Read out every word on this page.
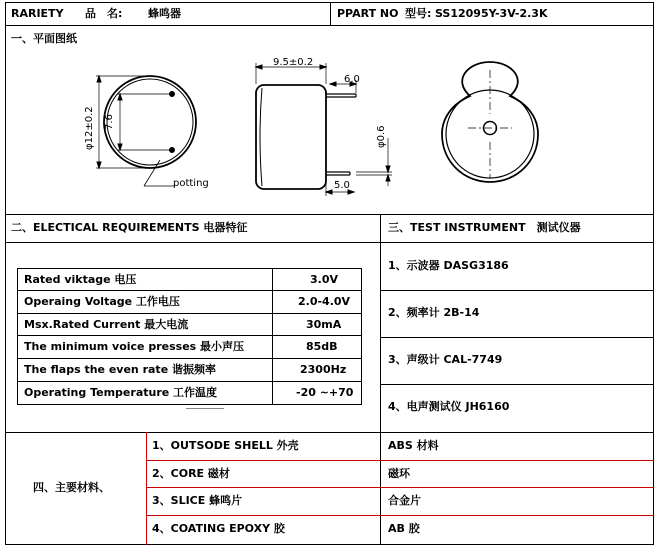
RARIETY 品　名: 蜂鸣器	PPART NO 型号: SS12095Y-3V-2.3K
一、平面图纸
9.5±0.2
6.0
5.0
φ0.6
φ12±0.2 7.6
potting
二、ELECTICAL REQUIREMENTS 电器特征
Rated viktage 电压	3.0V
Operaing Voltage 工作电压	2.0-4.0V
Msx.Rated Current 最大电流	30mA
The minimum voice presses 最小声压	85dB
The flaps the even rate 谐振频率	2300Hz
Operating Temperature 工作温度	-20 ~+70
三、TEST INSTRUMENT　测试仪器
1、示波器 DASG3186
2、频率计 2B-14
3、声级计 CAL-7749
4、电声测试仪 JH6160
四、主要材料、
1、OUTSODE SHELL 外壳	ABS 材料
2、CORE 磁材	磁环
3、SLICE 蜂鸣片	合金片
4、COATING EPOXY 胶	AB 胶
